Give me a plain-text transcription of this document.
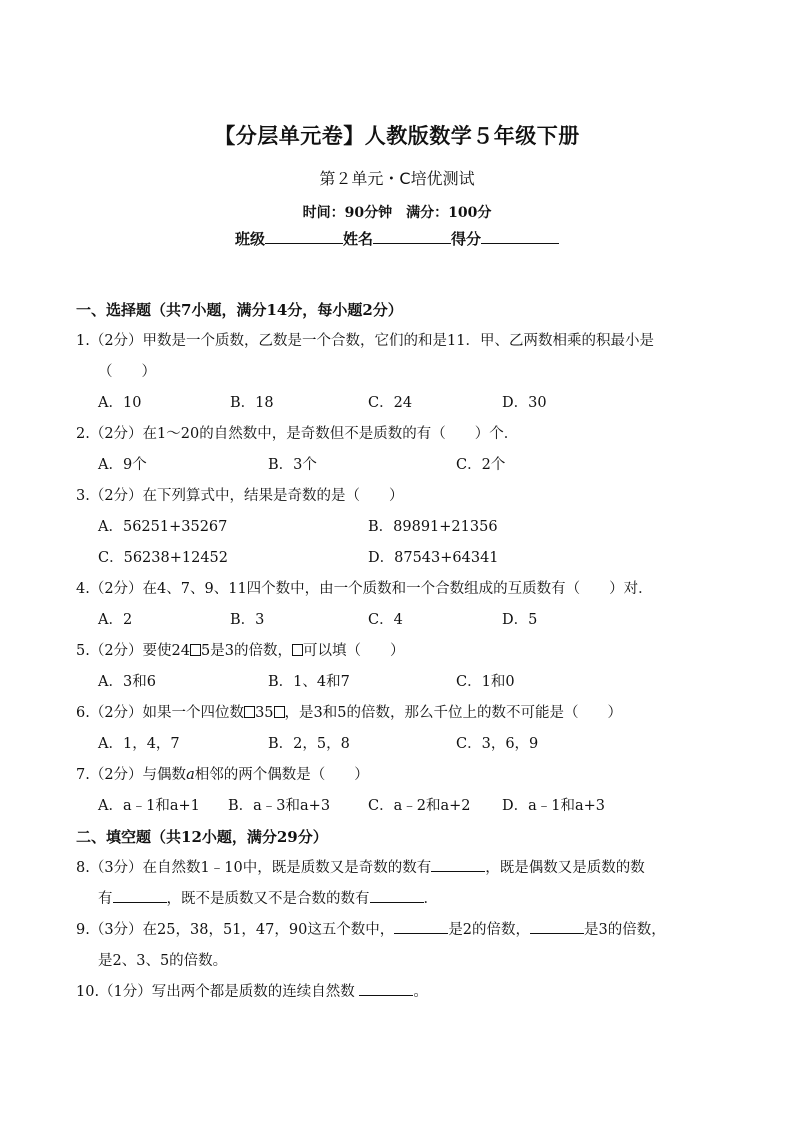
【分层单元卷】人教版数学５年级下册
第２单元・C培优测试
时间：90分钟 满分：100分
班级	姓名	得分
一、选择题（共7小题，满分14分，每小题2分）
1.（2分）甲数是一个质数，乙数是一个合数，它们的和是11．甲、乙两数相乘的积最小是
（　　）
A．10	B．18	C．24	D．30
2.（2分）在1～20的自然数中，是奇数但不是质数的有（　　）个．
A．9个	B．3个	C．2个
3.（2分）在下列算式中，结果是奇数的是（　　）
A．56251+35267	B．89891+21356
C．56238+12452	D．87543+64341
4.（2分）在4、7、9、11四个数中，由一个质数和一个合数组成的互质数有（　　）对．
A．2	B．3	C．4	D．5
5.（2分）要使24 5是3的倍数， 可以填（　　）
A．3和6	B．1、4和7	C．1和0
6.（2分）如果一个四位数 35 ，是3和5的倍数，那么千位上的数不可能是（　　）
A．1，4，7	B．2，5，8	C．3，6，9
7.（2分）与偶数a相邻的两个偶数是（　　）
A．a﹣1和a+1 B．a﹣3和a+3	C．a﹣2和a+2 D．a﹣1和a+3
二、填空题（共12小题，满分29分）
8.（3分）在自然数1﹣10中，既是质数又是奇数的数有	，既是偶数又是质数的数
有	，既不是质数又不是合数的数有	．
9.（3分）在25，38，51，47，90这五个数中，	是2的倍数，	是3的倍数，
是2、3、5的倍数。
10.（1分）写出两个都是质数的连续自然数	。
